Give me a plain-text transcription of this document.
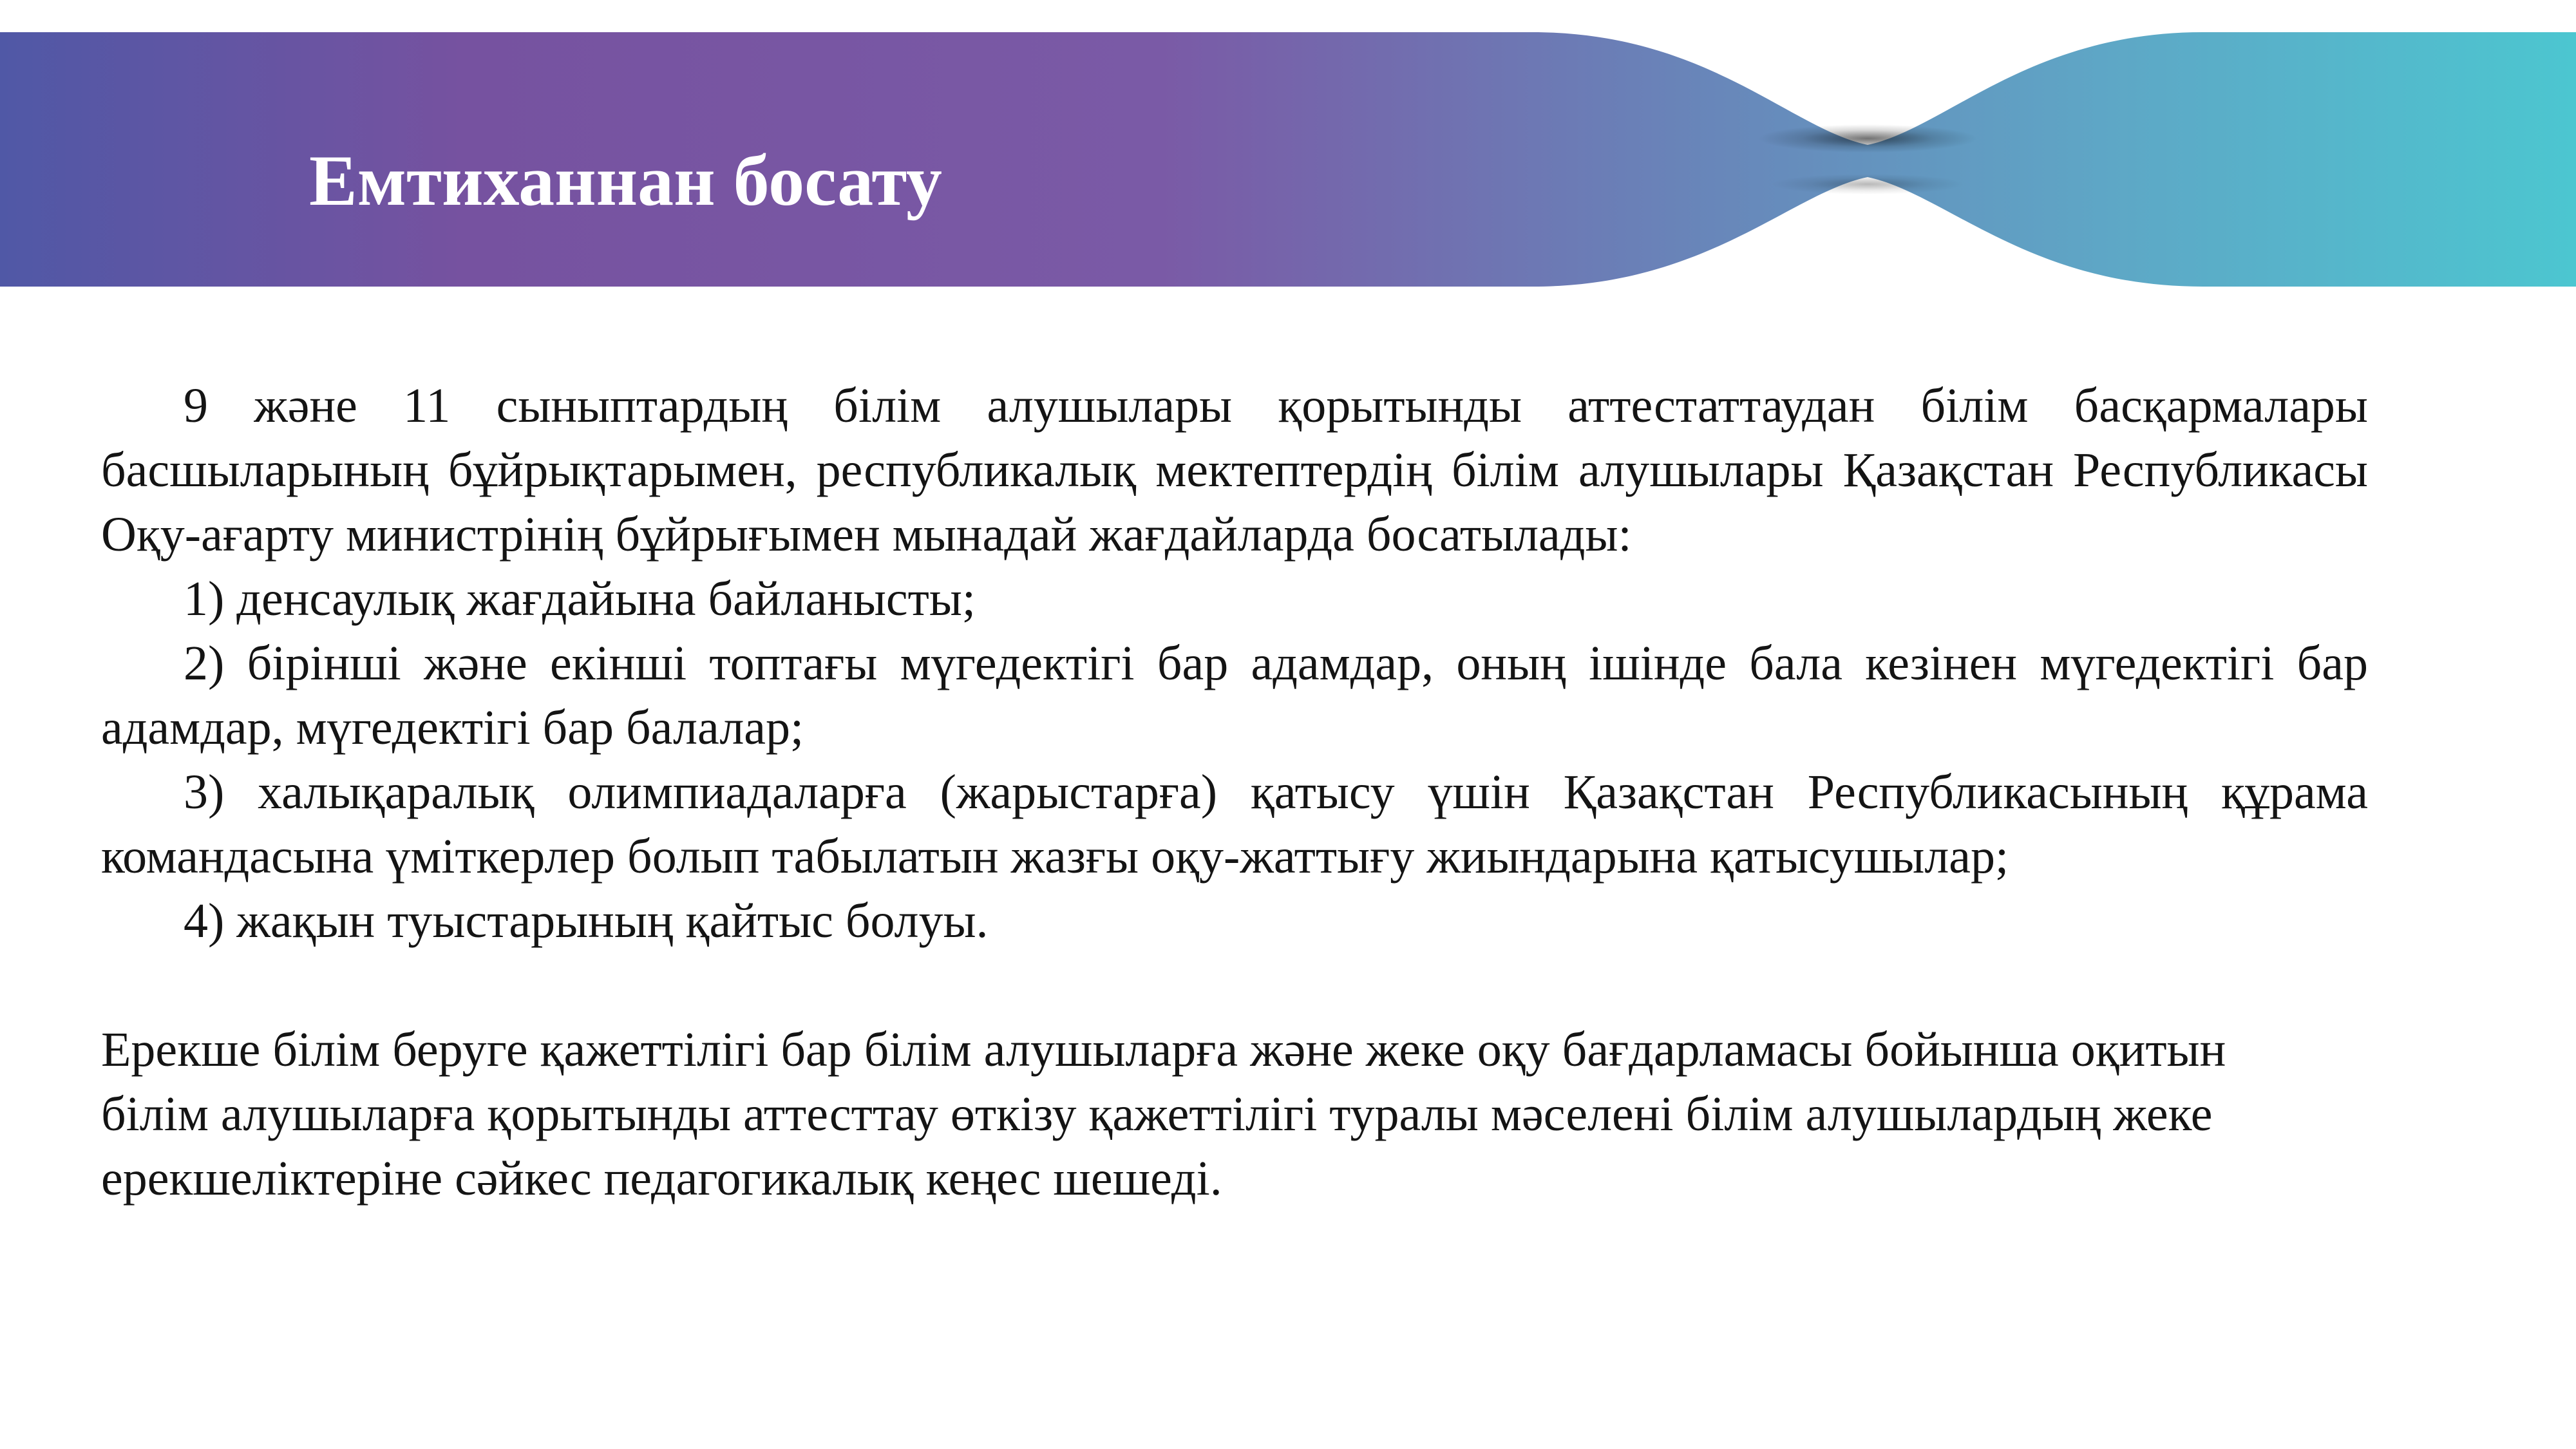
Емтиханнан босату

9 және 11 сыныптардың білім алушылары қорытынды аттестаттаудан білім басқармалары басшыларының бұйрықтарымен, республикалық мектептердің білім алушылары Қазақстан Республикасы Оқу-ағарту министрінің бұйрығымен мынадай жағдайларда босатылады:

1) денсаулық жағдайына байланысты;

2) бірінші және екінші топтағы мүгедектігі бар адамдар, оның ішінде бала кезінен мүгедектігі бар адамдар, мүгедектігі бар балалар;

3) халықаралық олимпиадаларға (жарыстарға) қатысу үшін Қазақстан Республикасының құрама командасына үміткерлер болып табылатын жазғы оқу-жаттығу жиындарына қатысушылар;

4) жақын туыстарының қайтыс болуы.

Ерекше білім беруге қажеттілігі бар білім алушыларға және жеке оқу бағдарламасы бойынша оқитын білім алушыларға қорытынды аттесттау өткізу қажеттілігі туралы мәселені білім алушылардың жеке ерекшеліктеріне сәйкес педагогикалық кеңес шешеді.
